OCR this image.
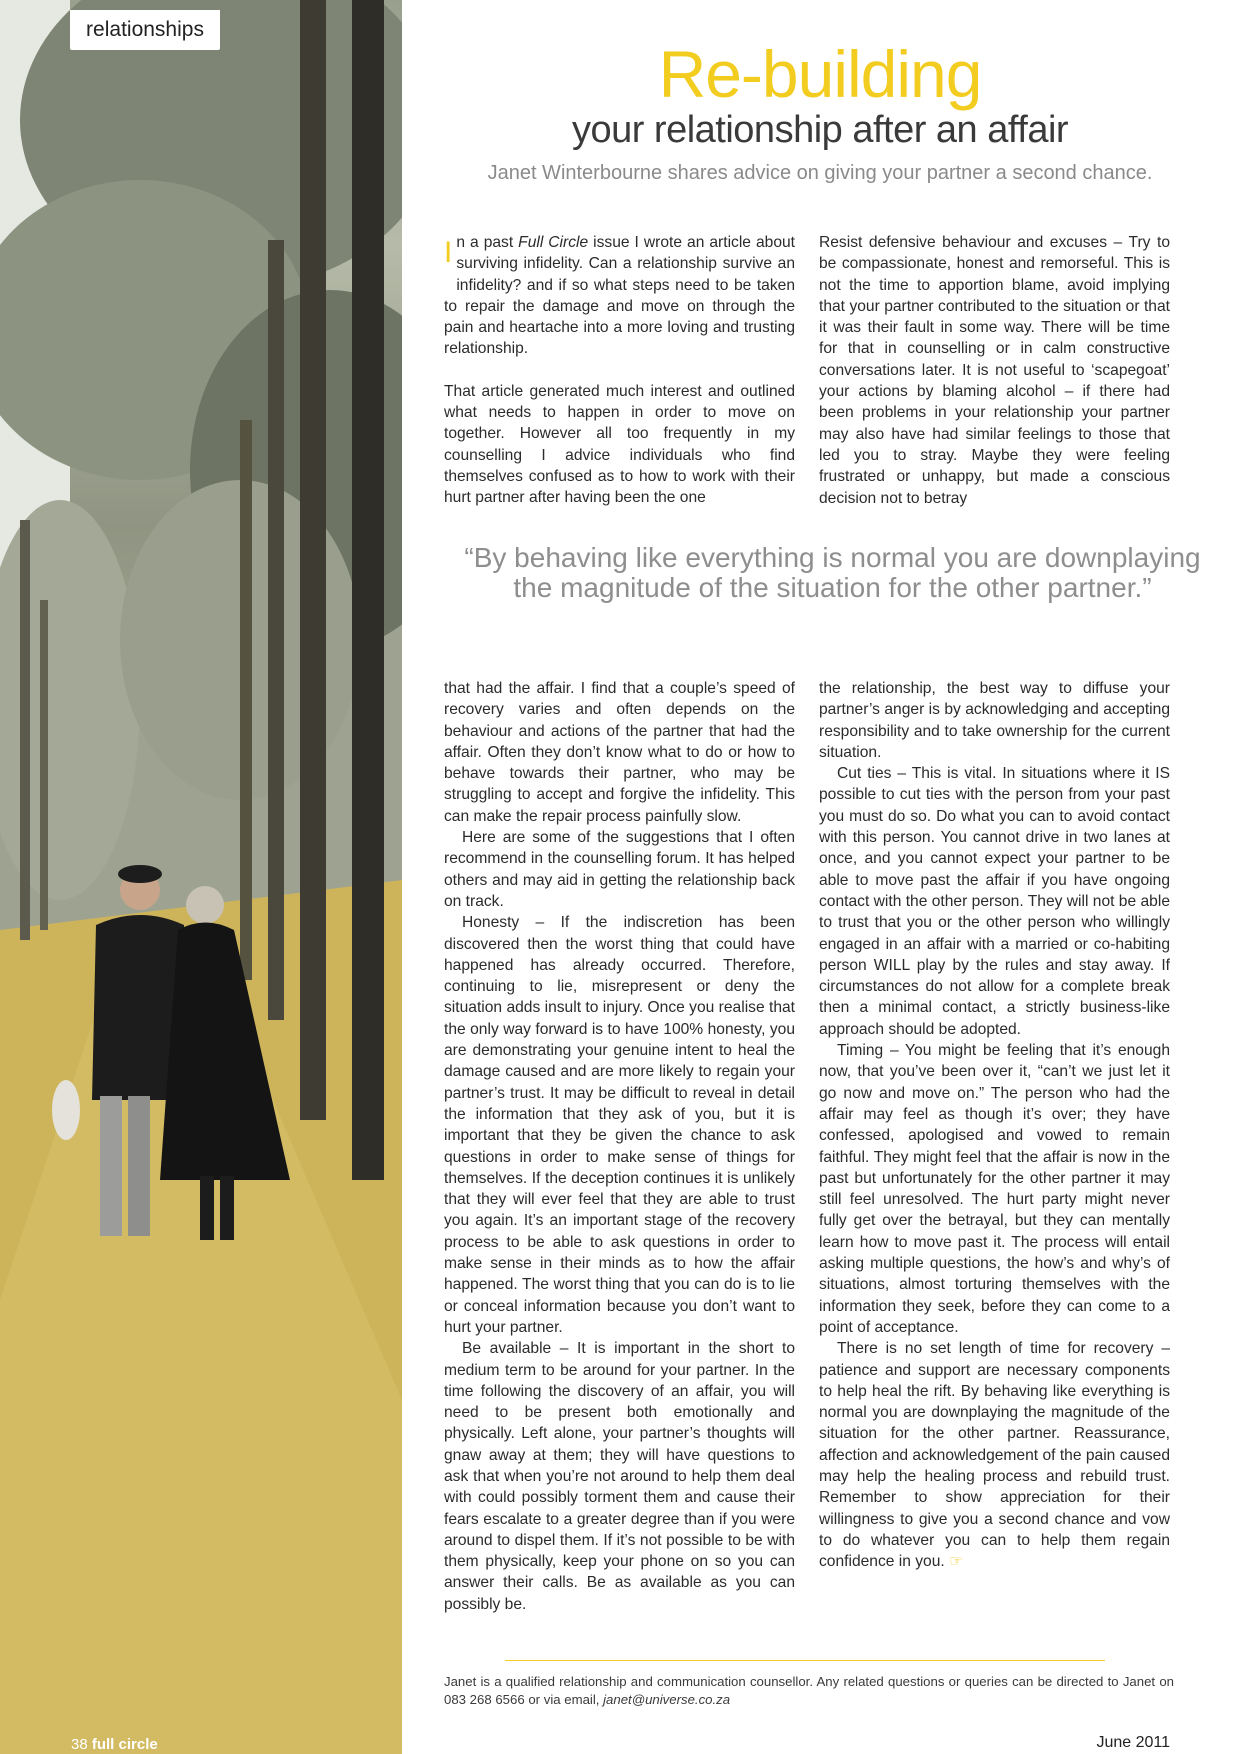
relationships
38 full circle
Re-building
your relationship after an affair
Janet Winterbourne shares advice on giving your partner a second chance.

In a past Full Circle issue I wrote an article about surviving infidelity. Can a relationship survive an infidelity? and if so what steps need to be taken to repair the damage and move on through the pain and heartache into a more loving and trusting relationship.

That article generated much interest and outlined what needs to happen in order to move on together. However all too frequently in my counselling I advice individuals who find themselves confused as to how to work with their hurt partner after having been the one

Resist defensive behaviour and excuses – Try to be compassionate, honest and remorseful. This is not the time to apportion blame, avoid implying that your partner contributed to the situation or that it was their fault in some way. There will be time for that in counselling or in calm constructive conversations later. It is not useful to ‘scapegoat’ your actions by blaming alcohol – if there had been problems in your relationship your partner may also have had similar feelings to those that led you to stray. Maybe they were feeling frustrated or unhappy, but made a conscious decision not to betray

“By behaving like everything is normal you are downplaying the magnitude of the situation for the other partner.”

that had the affair. I find that a couple’s speed of recovery varies and often depends on the behaviour and actions of the partner that had the affair. Often they don’t know what to do or how to behave towards their partner, who may be struggling to accept and forgive the infidelity. This can make the repair process painfully slow.

Here are some of the suggestions that I often recommend in the counselling forum. It has helped others and may aid in getting the relationship back on track.

Honesty – If the indiscretion has been discovered then the worst thing that could have happened has already occurred. Therefore, continuing to lie, misrepresent or deny the situation adds insult to injury. Once you realise that the only way forward is to have 100% honesty, you are demonstrating your genuine intent to heal the damage caused and are more likely to regain your partner’s trust. It may be difficult to reveal in detail the information that they ask of you, but it is important that they be given the chance to ask questions in order to make sense of things for themselves. If the deception continues it is unlikely that they will ever feel that they are able to trust you again. It’s an important stage of the recovery process to be able to ask questions in order to make sense in their minds as to how the affair happened. The worst thing that you can do is to lie or conceal information because you don’t want to hurt your partner.

Be available – It is important in the short to medium term to be around for your partner. In the time following the discovery of an affair, you will need to be present both emotionally and physically. Left alone, your partner’s thoughts will gnaw away at them; they will have questions to ask that when you’re not around to help them deal with could possibly torment them and cause their fears escalate to a greater degree than if you were around to dispel them. If it’s not possible to be with them physically, keep your phone on so you can answer their calls. Be as available as you can possibly be.

the relationship, the best way to diffuse your partner’s anger is by acknowledging and accepting responsibility and to take ownership for the current situation.

Cut ties – This is vital. In situations where it IS possible to cut ties with the person from your past you must do so. Do what you can to avoid contact with this person. You cannot drive in two lanes at once, and you cannot expect your partner to be able to move past the affair if you have ongoing contact with the other person. They will not be able to trust that you or the other person who willingly engaged in an affair with a married or co-habiting person WILL play by the rules and stay away. If circumstances do not allow for a complete break then a minimal contact, a strictly business-like approach should be adopted.

Timing – You might be feeling that it’s enough now, that you’ve been over it, “can’t we just let it go now and move on.” The person who had the affair may feel as though it’s over; they have confessed, apologised and vowed to remain faithful. They might feel that the affair is now in the past but unfortunately for the other partner it may still feel unresolved. The hurt party might never fully get over the betrayal, but they can mentally learn how to move past it. The process will entail asking multiple questions, the how’s and why’s of situations, almost torturing themselves with the information they seek, before they can come to a point of acceptance.

There is no set length of time for recovery – patience and support are necessary components to help heal the rift. By behaving like everything is normal you are downplaying the magnitude of the situation for the other partner. Reassurance, affection and acknowledgement of the pain caused may help the healing process and rebuild trust. Remember to show appreciation for their willingness to give you a second chance and vow to do whatever you can to help them regain confidence in you. ☞

Janet is a qualified relationship and communication counsellor. Any related questions or queries can be directed to Janet on 083 268 6566 or via email, janet@universe.co.za
June 2011
